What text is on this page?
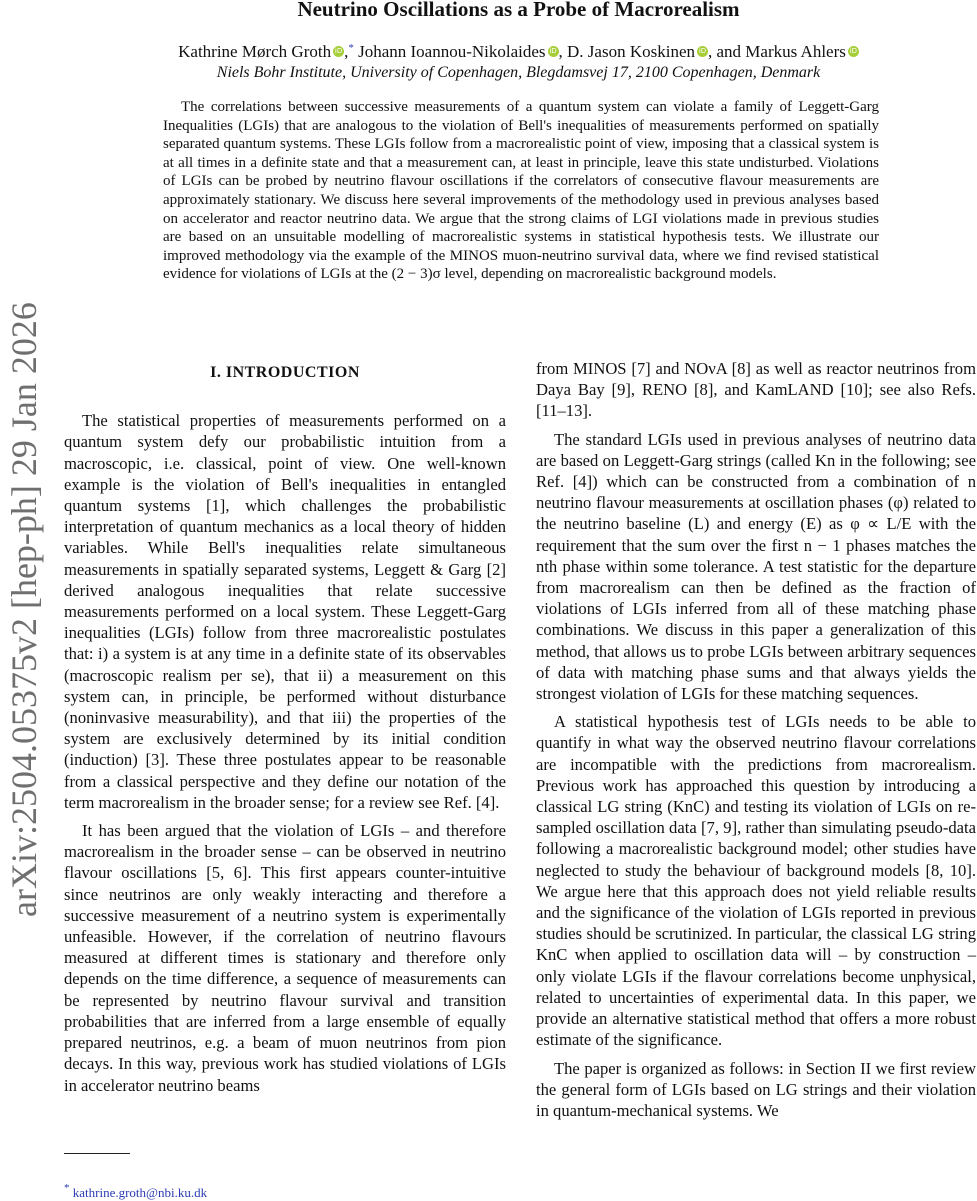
arXiv:2504.05375v2 [hep-ph] 29 Jan 2026
Neutrino Oscillations as a Probe of Macrorealism
Kathrine Mørch Groth iD ,* Johann Ioannou-Nikolaides iD , D. Jason Koskinen iD , and Markus Ahlers iD
Niels Bohr Institute, University of Copenhagen, Blegdamsvej 17, 2100 Copenhagen, Denmark
The correlations between successive measurements of a quantum system can violate a family of Leggett-Garg Inequalities (LGIs) that are analogous to the violation of Bell's inequalities of measurements performed on spatially separated quantum systems. These LGIs follow from a macrorealistic point of view, imposing that a classical system is at all times in a definite state and that a measurement can, at least in principle, leave this state undisturbed. Violations of LGIs can be probed by neutrino flavour oscillations if the correlators of consecutive flavour measurements are approximately stationary. We discuss here several improvements of the methodology used in previous analyses based on accelerator and reactor neutrino data. We argue that the strong claims of LGI violations made in previous studies are based on an unsuitable modelling of macrorealistic systems in statistical hypothesis tests. We illustrate our improved methodology via the example of the MINOS muon-neutrino survival data, where we find revised statistical evidence for violations of LGIs at the (2 − 3)σ level, depending on macrorealistic background models.
I. INTRODUCTION

The statistical properties of measurements performed on a quantum system defy our probabilistic intuition from a macroscopic, i.e. classical, point of view. One well-known example is the violation of Bell's inequalities in entangled quantum systems [1], which challenges the probabilistic interpretation of quantum mechanics as a local theory of hidden variables. While Bell's inequalities relate simultaneous measurements in spatially separated systems, Leggett & Garg [2] derived analogous inequalities that relate successive measurements performed on a local system. These Leggett-Garg inequalities (LGIs) follow from three macrorealistic postulates that: i) a system is at any time in a definite state of its observables (macroscopic realism per se), that ii) a measurement on this system can, in principle, be performed without disturbance (noninvasive measurability), and that iii) the properties of the system are exclusively determined by its initial condition (induction) [3]. These three postulates appear to be reasonable from a classical perspective and they define our notation of the term macrorealism in the broader sense; for a review see Ref. [4].

It has been argued that the violation of LGIs – and therefore macrorealism in the broader sense – can be observed in neutrino flavour oscillations [5, 6]. This first appears counter-intuitive since neutrinos are only weakly interacting and therefore a successive measurement of a neutrino system is experimentally unfeasible. However, if the correlation of neutrino flavours measured at different times is stationary and therefore only depends on the time difference, a sequence of measurements can be represented by neutrino flavour survival and transition probabilities that are inferred from a large ensemble of equally prepared neutrinos, e.g. a beam of muon neutrinos from pion decays. In this way, previous work has studied violations of LGIs in accelerator neutrino beams

from MINOS [7] and NOνA [8] as well as reactor neutrinos from Daya Bay [9], RENO [8], and KamLAND [10]; see also Refs. [11–13].

The standard LGIs used in previous analyses of neutrino data are based on Leggett-Garg strings (called Kn in the following; see Ref. [4]) which can be constructed from a combination of n neutrino flavour measurements at oscillation phases (φ) related to the neutrino baseline (L) and energy (E) as φ ∝ L/E with the requirement that the sum over the first n − 1 phases matches the nth phase within some tolerance. A test statistic for the departure from macrorealism can then be defined as the fraction of violations of LGIs inferred from all of these matching phase combinations. We discuss in this paper a generalization of this method, that allows us to probe LGIs between arbitrary sequences of data with matching phase sums and that always yields the strongest violation of LGIs for these matching sequences.

A statistical hypothesis test of LGIs needs to be able to quantify in what way the observed neutrino flavour correlations are incompatible with the predictions from macrorealism. Previous work has approached this question by introducing a classical LG string (KnC) and testing its violation of LGIs on re-sampled oscillation data [7, 9], rather than simulating pseudo-data following a macrorealistic background model; other studies have neglected to study the behaviour of background models [8, 10]. We argue here that this approach does not yield reliable results and the significance of the violation of LGIs reported in previous studies should be scrutinized. In particular, the classical LG string KnC when applied to oscillation data will – by construction – only violate LGIs if the flavour correlations become unphysical, related to uncertainties of experimental data. In this paper, we provide an alternative statistical method that offers a more robust estimate of the significance.

The paper is organized as follows: in Section II we first review the general form of LGIs based on LG strings and their violation in quantum-mechanical systems. We

* kathrine.groth@nbi.ku.dk
